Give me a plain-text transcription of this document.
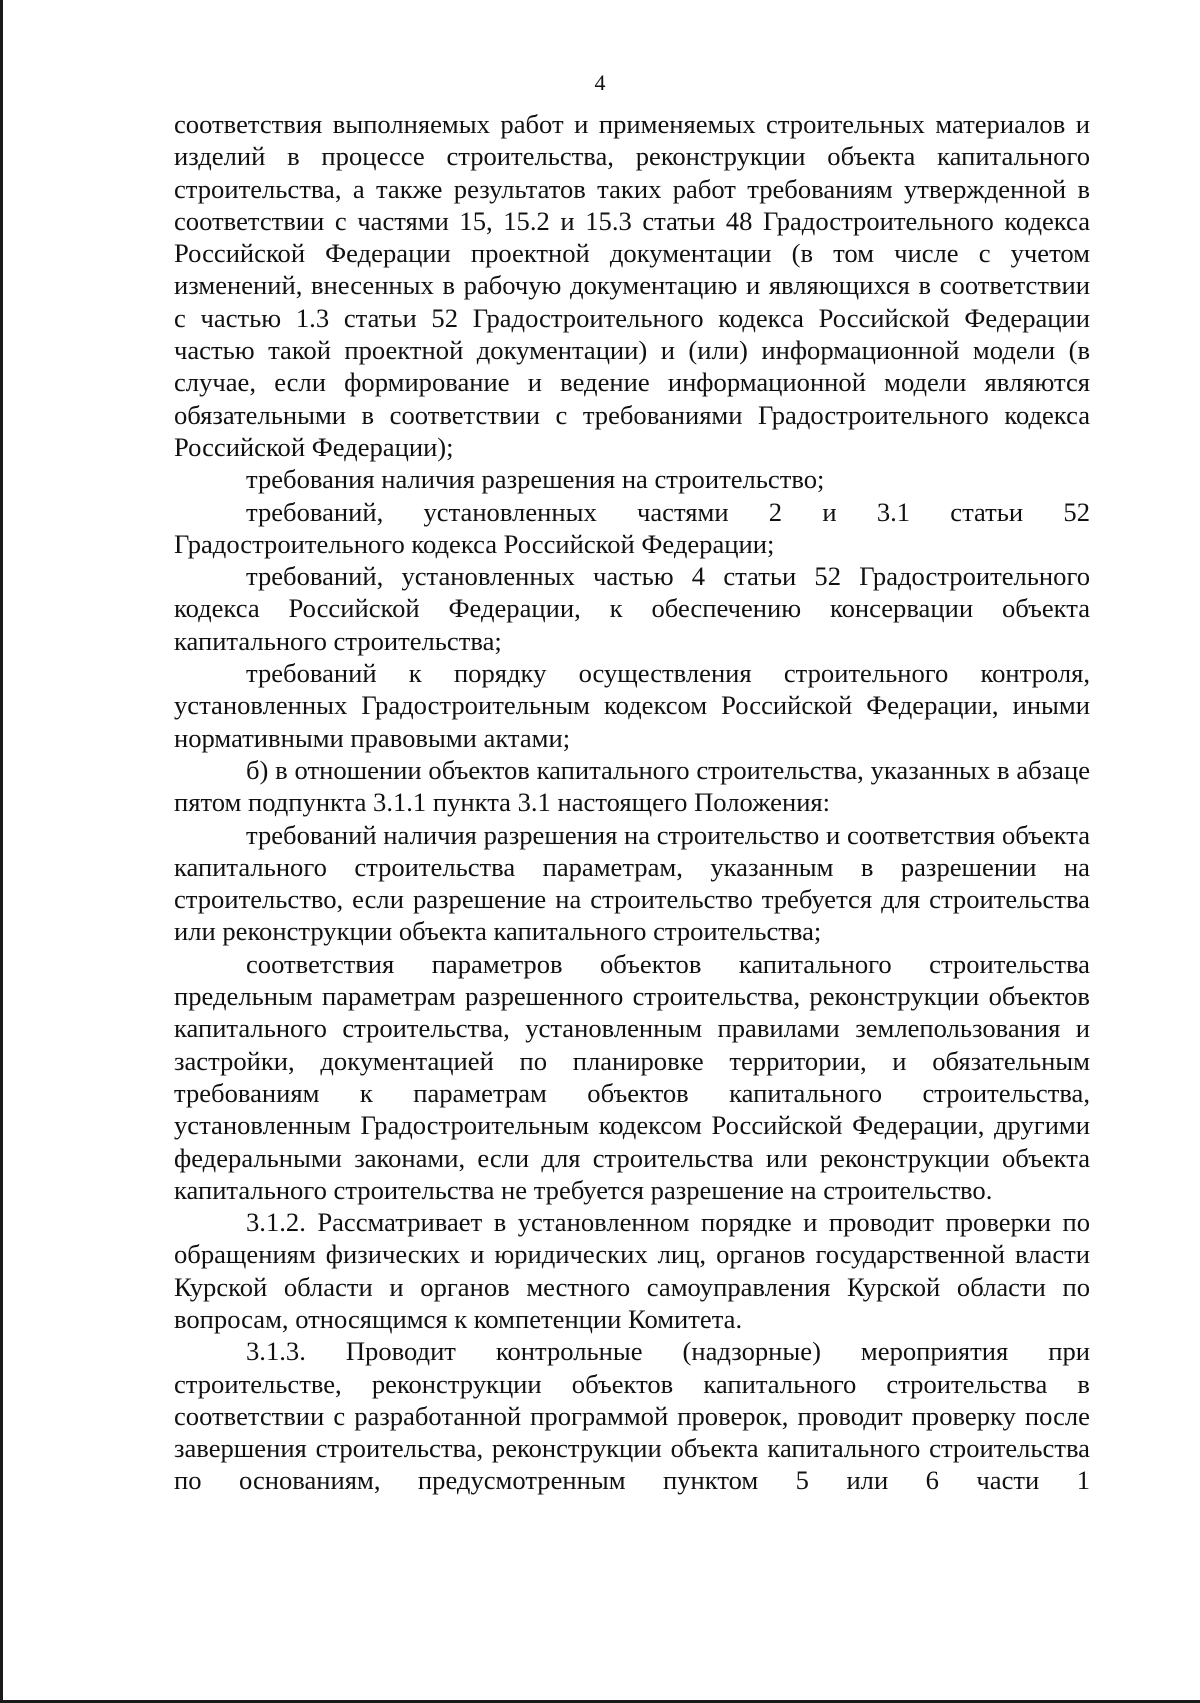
4

соответствия выполняемых работ и применяемых строительных материалов и изделий в процессе строительства, реконструкции объекта капитального строительства, а также результатов таких работ требованиям утвержденной в соответствии с частями 15, 15.2 и 15.3 статьи 48 Градостроительного кодекса Российской Федерации проектной документации (в том числе с учетом изменений, внесенных в рабочую документацию и являющихся в соответствии с частью 1.3 статьи 52 Градостроительного кодекса Российской Федерации частью такой проектной документации) и (или) информационной модели (в случае, если формирование и ведение информационной модели являются обязательными в соответствии с требованиями Градостроительного кодекса Российской Федерации);

требования наличия разрешения на строительство;

требований, установленных частями 2 и 3.1 статьи 52 Градостроительного кодекса Российской Федерации;

требований, установленных частью 4 статьи 52 Градостроительного кодекса Российской Федерации, к обеспечению консервации объекта капитального строительства;

требований к порядку осуществления строительного контроля, установленных Градостроительным кодексом Российской Федерации, иными нормативными правовыми актами;

б) в отношении объектов капитального строительства, указанных в абзаце пятом подпункта 3.1.1 пункта 3.1 настоящего Положения:

требований наличия разрешения на строительство и соответствия объекта капитального строительства параметрам, указанным в разрешении на строительство, если разрешение на строительство требуется для строительства или реконструкции объекта капитального строительства;

соответствия параметров объектов капитального строительства предельным параметрам разрешенного строительства, реконструкции объектов капитального строительства, установленным правилами землепользования и застройки, документацией по планировке территории, и обязательным требованиям к параметрам объектов капитального строительства, установленным Градостроительным кодексом Российской Федерации, другими федеральными законами, если для строительства или реконструкции объекта капитального строительства не требуется разрешение на строительство.

3.1.2. Рассматривает в установленном порядке и проводит проверки по обращениям физических и юридических лиц, органов государственной власти Курской области и органов местного самоуправления Курской области по вопросам, относящимся к компетенции Комитета.

3.1.3. Проводит контрольные (надзорные) мероприятия при строительстве, реконструкции объектов капитального строительства в соответствии с разработанной программой проверок, проводит проверку после завершения строительства, реконструкции объекта капитального строительства по основаниям, предусмотренным пунктом 5 или 6 части 1
